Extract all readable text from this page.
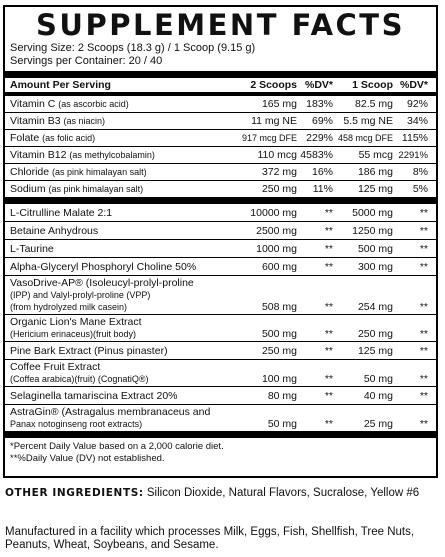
SUPPLEMENT FACTS
Serving Size: 2 Scoops (18.3 g) / 1 Scoop (9.15 g)
Servings per Container: 20 / 40
Amount Per Serving	2 Scoops %DV*	1 Scoop %DV*
Vitamin C (as ascorbic acid)	165 mg 183%	82.5 mg	92%
Vitamin B3 (as niacin)	11 mg NE	69% 5.5 mg NE	34%
Folate (as folic acid)	917 mcg DFE 229% 458 mcg DFE 115%
Vitamin B12 (as methylcobalamin)	110 mcg 4583%	55 mcg 2291%
Chloride (as pink himalayan salt)	372 mg	16%	186 mg	8%
Sodium (as pink himalayan salt)	250 mg	11%	125 mg	5%
L-Citrulline Malate 2:1	10000 mg	**	5000 mg	**
Betaine Anhydrous	2500 mg	**	1250 mg	**
L-Taurine	1000 mg	**	500 mg	**
Alpha-Glyceryl Phosphoryl Choline 50%	600 mg	**	300 mg	**
VasoDrive-AP® (Isoleucyl-prolyl-proline
(IPP) and Valyl-prolyl-proline (VPP)
(from hydrolyzed milk casein)	508 mg	**	254 mg	**
Organic Lion's Mane Extract
(Hericium erinaceus)(fruit body)	500 mg	**	250 mg	**
Pine Bark Extract (Pinus pinaster)	250 mg	**	125 mg	**
Coffee Fruit Extract
(Coffea arabica)(fruit) (CognatiQ®)	100 mg	**	50 mg	**
Selaginella tamariscina Extract 20%	80 mg	**	40 mg	**
AstraGin® (Astragalus membranaceus and
Panax notoginseng root extracts)	50 mg	**	25 mg	**
*Percent Daily Value based on a 2,000 calorie diet.
**%Daily Value (DV) not established.
OTHER INGREDIENTS: Silicon Dioxide, Natural Flavors, Sucralose, Yellow #6
Manufactured in a facility which processes Milk, Eggs, Fish, Shellfish, Tree Nuts, Peanuts, Wheat, Soybeans, and Sesame.
